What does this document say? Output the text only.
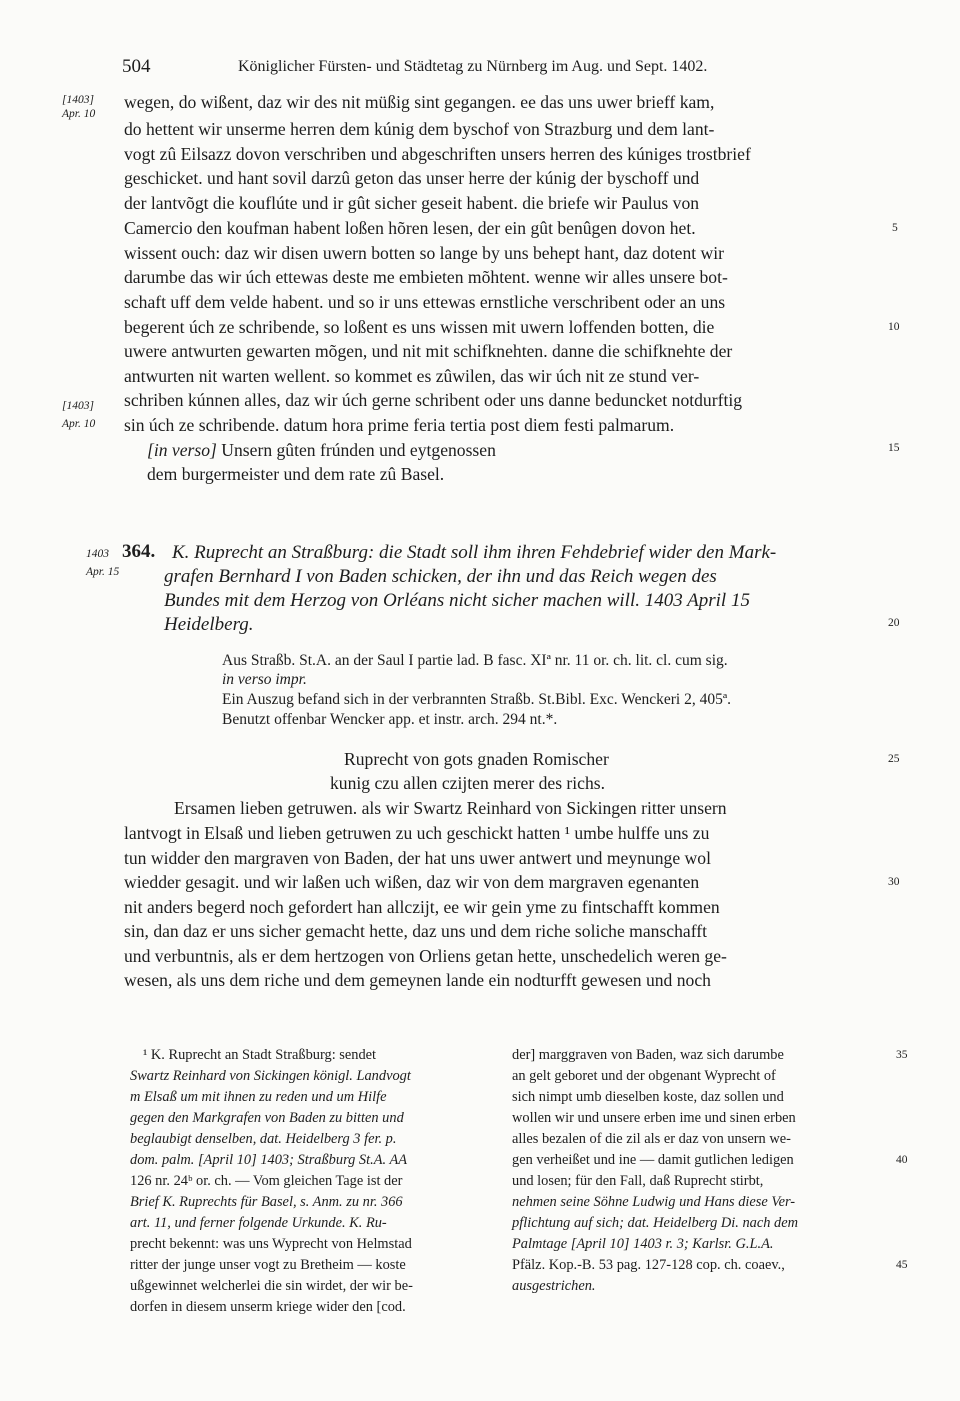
504	Königlicher Fürsten- und Städtetag zu Nürnberg im Aug. und Sept. 1402.
[1403]
Apr. 10
wegen, do wißent, daz wir des nit müßig sint gegangen. ee das uns uwer brieff kam,
do hettent wir unserme herren dem kúnig dem byschof von Strazburg und dem lant-
vogt zû Eilsazz dovon verschriben und abgeschriften unsers herren des kúniges trostbrief
geschicket. und hant sovil darzû geton das unser herre der kúnig der byschoff und
der lantvõgt die kouflúte und ir gût sicher geseit habent. die briefe wir Paulus von
Camercio den koufman habent loßen hõren lesen, der ein gût benûgen dovon het.
wissent ouch: daz wir disen uwern botten so lange by uns behept hant, daz dotent wir
darumbe das wir úch ettewas deste me embieten mõhtent. wenne wir alles unsere bot-
schaft uff dem velde habent. und so ir uns ettewas ernstliche verschribent oder an uns
begerent úch ze schribende, so loßent es uns wissen mit uwern loffenden botten, die
uwere antwurten gewarten mõgen, und nit mit schifknehten. danne die schifknehte der
antwurten nit warten wellent. so kommet es zûwilen, das wir úch nit ze stund ver-
schriben kúnnen alles, daz wir úch gerne schribent oder uns danne beduncket notdurftig
sin úch ze schribende. datum hora prime feria tertia post diem festi palmarum.
[1403]
Apr. 10
[in verso] Unsern gûten frúnden und eytgenossen
dem burgermeister und dem rate zû Basel.
5
10
15
20
25
30
1403
Apr. 15
364. K. Ruprecht an Straßburg: die Stadt soll ihm ihren Fehdebrief wider den Mark-
grafen Bernhard I von Baden schicken, der ihn und das Reich wegen des
Bundes mit dem Herzog von Orléans nicht sicher machen will. 1403 April 15
Heidelberg.
Aus Straßb. St.A. an der Saul I partie lad. B fasc. XIª nr. 11 or. ch. lit. cl. cum sig.
in verso impr.
Ein Auszug befand sich in der verbrannten Straßb. St.Bibl. Exc. Wenckeri 2, 405ª.
Benutzt offenbar Wencker app. et instr. arch. 294 nt.*.
Ruprecht von gots gnaden Romischer
kunig czu allen czijten merer des richs.
Ersamen lieben getruwen. als wir Swartz Reinhard von Sickingen ritter unsern
lantvogt in Elsaß und lieben getruwen zu uch geschickt hatten ¹ umbe hulffe uns zu
tun widder den margraven von Baden, der hat uns uwer antwert und meynunge wol
wiedder gesagit. und wir laßen uch wißen, daz wir von dem margraven egenanten
nit anders begerd noch gefordert han allczijt, ee wir gein yme zu fintschafft kommen
sin, dan daz er uns sicher gemacht hette, daz uns und dem riche soliche manschafft
und verbuntnis, als er dem hertzogen von Orliens getan hette, unschedelich weren ge-
wesen, als uns dem riche und dem gemeynen lande ein nodturfft gewesen und noch
¹ K. Ruprecht an Stadt Straßburg: sendet
Swartz Reinhard von Sickingen königl. Landvogt
m Elsaß um mit ihnen zu reden und um Hilfe
gegen den Markgrafen von Baden zu bitten und
beglaubigt denselben, dat. Heidelberg 3 fer. p.
dom. palm. [April 10] 1403; Straßburg St.A. AA
126 nr. 24ᵇ or. ch. — Vom gleichen Tage ist der
Brief K. Ruprechts für Basel, s. Anm. zu nr. 366
art. 11, und ferner folgende Urkunde. K. Ru-
precht bekennt: was uns Wyprecht von Helmstad
ritter der junge unser vogt zu Bretheim — koste
ußgewinnet welcherlei die sin wirdet, der wir be-
dorfen in diesem unserm kriege wider den [cod.
der] marggraven von Baden, waz sich darumbe
an gelt geboret und der obgenant Wyprecht of
sich nimpt umb dieselben koste, daz sollen und
wollen wir und unsere erben ime und sinen erben
alles bezalen of die zil als er daz von unsern we-
gen verheißet und ine — damit gutlichen ledigen
und losen; für den Fall, daß Ruprecht stirbt,
nehmen seine Söhne Ludwig und Hans diese Ver-
pflichtung auf sich; dat. Heidelberg Di. nach dem
Palmtage [April 10] 1403 r. 3; Karlsr. G.L.A.
Pfälz. Kop.-B. 53 pag. 127-128 cop. ch. coaev.,
ausgestrichen.
35
40
45
